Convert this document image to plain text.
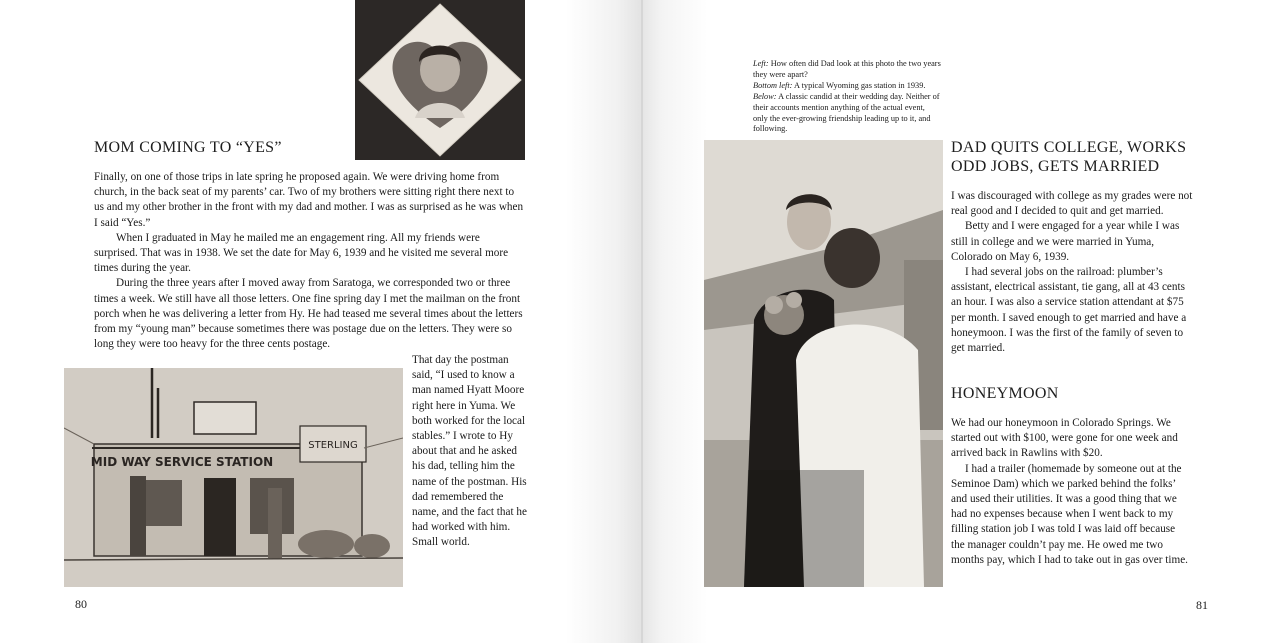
MOM COMING TO “YES”

Finally, on one of those trips in late spring he proposed again. We were driving home from church, in the back seat of my parents’ car. Two of my brothers were sitting right there next to us and my other brother in the front with my dad and mother. I was as surprised as he was when I said “Yes.”

When I graduated in May he mailed me an engagement ring. All my friends were surprised. That was in 1938. We set the date for May 6, 1939 and he visited me several more times during the year.

During the three years after I moved away from Saratoga, we corresponded two or three times a week. We still have all those letters. One fine spring day I met the mailman on the front porch when he was delivering a letter from Hy. He had teased me several times about the letters from my “young man” because sometimes there was postage due on the letters. They were so long they were too heavy for the three cents postage.

MID WAY SERVICE STATION
STERLING

That day the postman said, “I used to know a man named Hyatt Moore right here in Yuma. We both worked for the local stables.” I wrote to Hy about that and he asked his dad, telling him the name of the postman. His dad remembered the name, and the fact that he had worked with him. Small world.

80
Left: How often did Dad look at this photo the two years they were apart?
Bottom left: A typical Wyoming gas station in 1939.
Below: A classic candid at their wedding day. Neither of their accounts mention anything of the actual event, only the ever-growing friendship leading up to it, and following.
DAD QUITS COLLEGE, WORKS ODD JOBS, GETS MARRIED

I was discouraged with college as my grades were not real good and I decided to quit and get married.

Betty and I were engaged for a year while I was still in college and we were married in Yuma, Colorado on May 6, 1939.

I had several jobs on the railroad: plumber’s assistant, electrical assistant, tie gang, all at 43 cents an hour. I was also a service station attendant at $75 per month. I saved enough to get married and have a honeymoon. I was the first of the family of seven to get married.

HONEYMOON

We had our honeymoon in Colorado Springs. We started out with $100, were gone for one week and arrived back in Rawlins with $20.

I had a trailer (homemade by someone out at the Seminoe Dam) which we parked behind the folks’ and used their utilities. It was a good thing that we had no expenses because when I went back to my filling station job I was told I was laid off because the manager couldn’t pay me. He owed me two months pay, which I had to take out in gas over time.

81
